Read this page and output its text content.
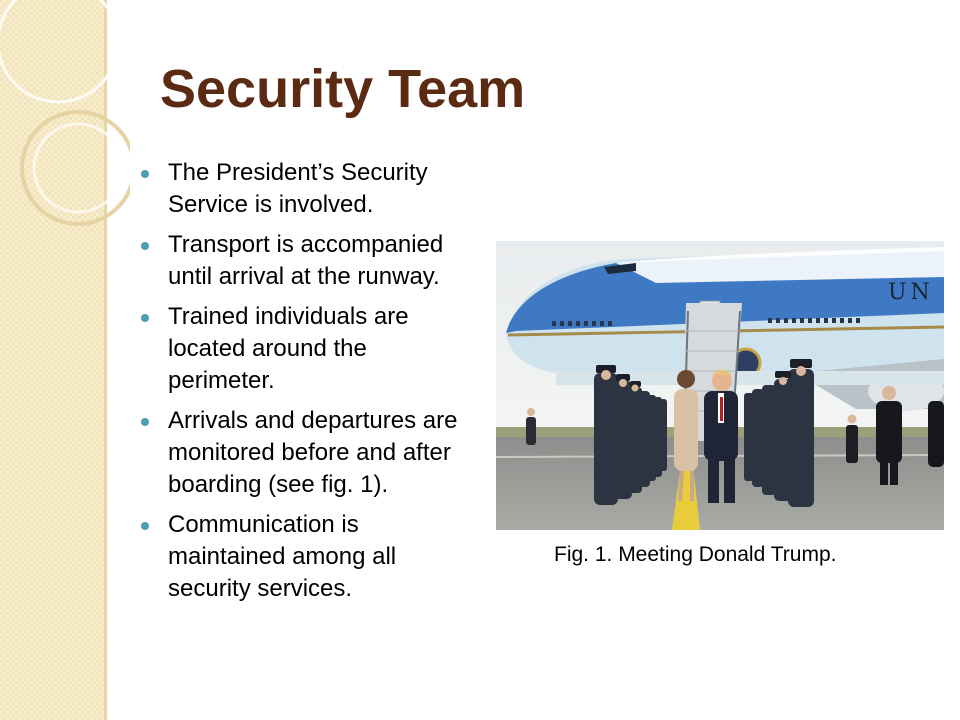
Security Team
The President’s Security
Service is involved.
Transport is accompanied
until arrival at the runway.
Trained individuals are
located around the
perimeter.
Arrivals and departures are
monitored before and after
boarding (see fig. 1).
Communication is
maintained among all
security services.
UN
Fig. 1. Meeting Donald Trump.
